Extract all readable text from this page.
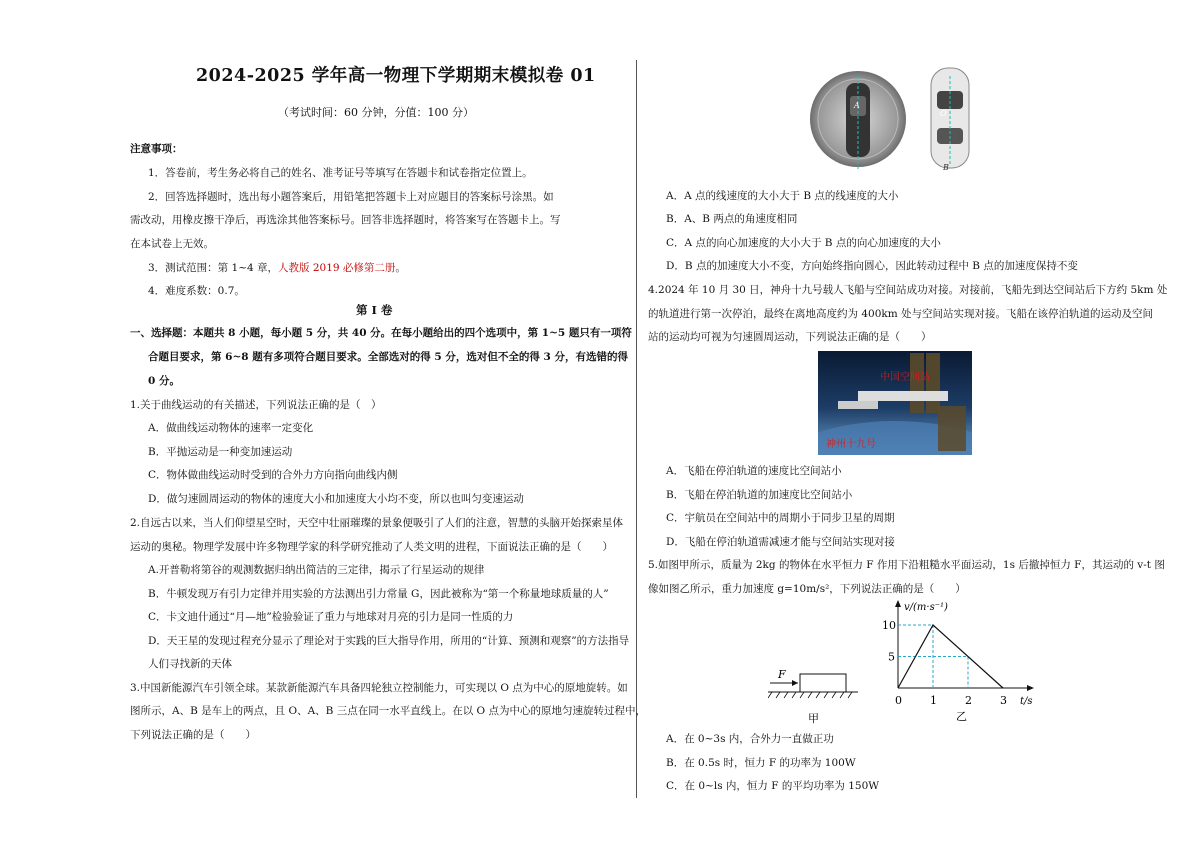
2024-2025 学年高一物理下学期期末模拟卷 01
（考试时间：60 分钟，分值：100 分）
注意事项：
1．答卷前，考生务必将自己的姓名、准考证号等填写在答题卡和试卷指定位置上。
2．回答选择题时，选出每小题答案后，用铅笔把答题卡上对应题目的答案标号涂黑。如
需改动，用橡皮擦干净后，再选涂其他答案标号。回答非选择题时，将答案写在答题卡上。写
在本试卷上无效。
3．测试范围：第 1~4 章，人教版 2019 必修第二册。
4．难度系数：0.7。
第 I 卷
一、选择题：本题共 8 小题，每小题 5 分，共 40 分。在每小题给出的四个选项中，第 1~5 题只有一项符
合题目要求，第 6~8 题有多项符合题目要求。全部选对的得 5 分，选对但不全的得 3 分，有选错的得
0 分。
1.关于曲线运动的有关描述，下列说法正确的是（　）
A．做曲线运动物体的速率一定变化
B．平抛运动是一种变加速运动
C．物体做曲线运动时受到的合外力方向指向曲线内侧
D．做匀速圆周运动的物体的速度大小和加速度大小均不变，所以也叫匀变速运动
2.自远古以来，当人们仰望星空时，天空中壮丽璀璨的景象便吸引了人们的注意，智慧的头脑开始探索星体
运动的奥秘。物理学发展中许多物理学家的科学研究推动了人类文明的进程，下面说法正确的是（　　）
A.开普勒将第谷的观测数据归纳出简洁的三定律，揭示了行星运动的规律
B．牛顿发现万有引力定律并用实验的方法测出引力常量 G，因此被称为“第一个称量地球质量的人”
C．卡文迪什通过“月—地”检验验证了重力与地球对月亮的引力是同一性质的力
D．天王星的发现过程充分显示了理论对于实践的巨大指导作用，所用的“计算、预测和观察”的方法指导
人们寻找新的天体
3.中国新能源汽车引领全球。某款新能源汽车具备四轮独立控制能力，可实现以 O 点为中心的原地旋转。如
图所示，A、B 是车上的两点，且 O、A、B 三点在同一水平直线上。在以 O 点为中心的原地匀速旋转过程中，
下列说法正确的是（　　）
A
O
B
A．A 点的线速度的大小大于 B 点的线速度的大小
B．A、B 两点的角速度相同
C．A 点的向心加速度的大小大于 B 点的向心加速度的大小
D．B 点的加速度大小不变，方向始终指向圆心，因此转动过程中 B 点的加速度保持不变
4.2024 年 10 月 30 日，神舟十九号载人飞船与空间站成功对接。对接前，飞船先到达空间站后下方约 5km 处
的轨道进行第一次停泊，最终在离地高度约为 400km 处与空间站实现对接。飞船在该停泊轨道的运动及空间
站的运动均可视为匀速圆周运动，下列说法正确的是（　　）
中国空间站
神州十九号
A．飞船在停泊轨道的速度比空间站小
B．飞船在停泊轨道的加速度比空间站小
C．宇航员在空间站中的周期小于同步卫星的周期
D．飞船在停泊轨道需减速才能与空间站实现对接
5.如图甲所示，质量为 2kg 的物体在水平恒力 F 作用下沿粗糙水平面运动，1s 后撤掉恒力 F，其运动的 v-t 图
像如图乙所示，重力加速度 g=10m/s²，下列说法正确的是（　　）
F
甲
v/(m·s⁻¹)
t/s
5
10
0	1	2	3
乙
A．在 0~3s 内，合外力一直做正功
B．在 0.5s 时，恒力 F 的功率为 100W
C．在 0~ls 内，恒力 F 的平均功率为 150W
